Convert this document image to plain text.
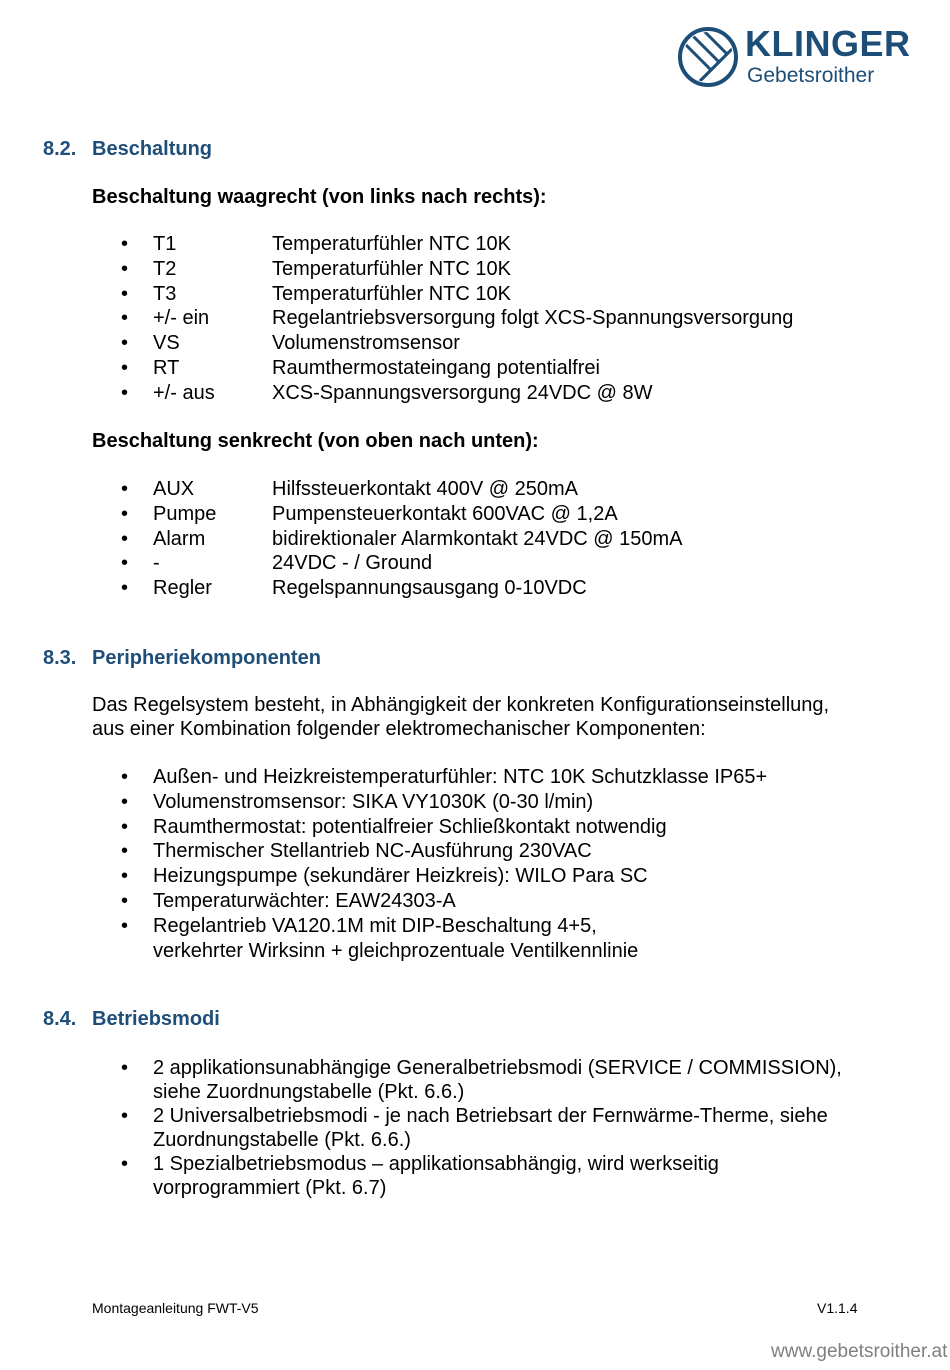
KLINGER
Gebetsroither
8.2. Beschaltung
Beschaltung waagrecht (von links nach rechts):
• T1	Temperaturfühler NTC 10K
• T2	Temperaturfühler NTC 10K
• T3	Temperaturfühler NTC 10K
• +/- ein	Regelantriebsversorgung folgt XCS-Spannungsversorgung
• VS	Volumenstromsensor
• RT	Raumthermostateingang potentialfrei
• +/- aus	XCS-Spannungsversorgung 24VDC @ 8W
Beschaltung senkrecht (von oben nach unten):
• AUX	Hilfssteuerkontakt 400V @ 250mA
• Pumpe	Pumpensteuerkontakt 600VAC @ 1,2A
• Alarm	bidirektionaler Alarmkontakt 24VDC @ 150mA
• -	24VDC - / Ground
• Regler	Regelspannungsausgang 0-10VDC
8.3. Peripheriekomponenten

Das Regelsystem besteht, in Abhängigkeit der konkreten Konfigurationseinstellung,
aus einer Kombination folgender elektromechanischer Komponenten:

• Außen- und Heizkreistemperaturfühler: NTC 10K Schutzklasse IP65+
• Volumenstromsensor: SIKA VY1030K (0-30 l/min)
• Raumthermostat: potentialfreier Schließkontakt notwendig
• Thermischer Stellantrieb NC-Ausführung 230VAC
• Heizungspumpe (sekundärer Heizkreis): WILO Para SC
• Temperaturwächter: EAW24303-A
• Regelantrieb VA120.1M mit DIP-Beschaltung 4+5,
verkehrter Wirksinn + gleichprozentuale Ventilkennlinie
8.4. Betriebsmodi
• 2 applikationsunabhängige Generalbetriebsmodi (SERVICE / COMMISSION),
siehe Zuordnungstabelle (Pkt. 6.6.)
• 2 Universalbetriebsmodi - je nach Betriebsart der Fernwärme-Therme, siehe
Zuordnungstabelle (Pkt. 6.6.)
• 1 Spezialbetriebsmodus – applikationsabhängig, wird werkseitig
vorprogrammiert (Pkt. 6.7)
Montageanleitung FWT-V5	V1.1.4
www.gebetsroither.at
